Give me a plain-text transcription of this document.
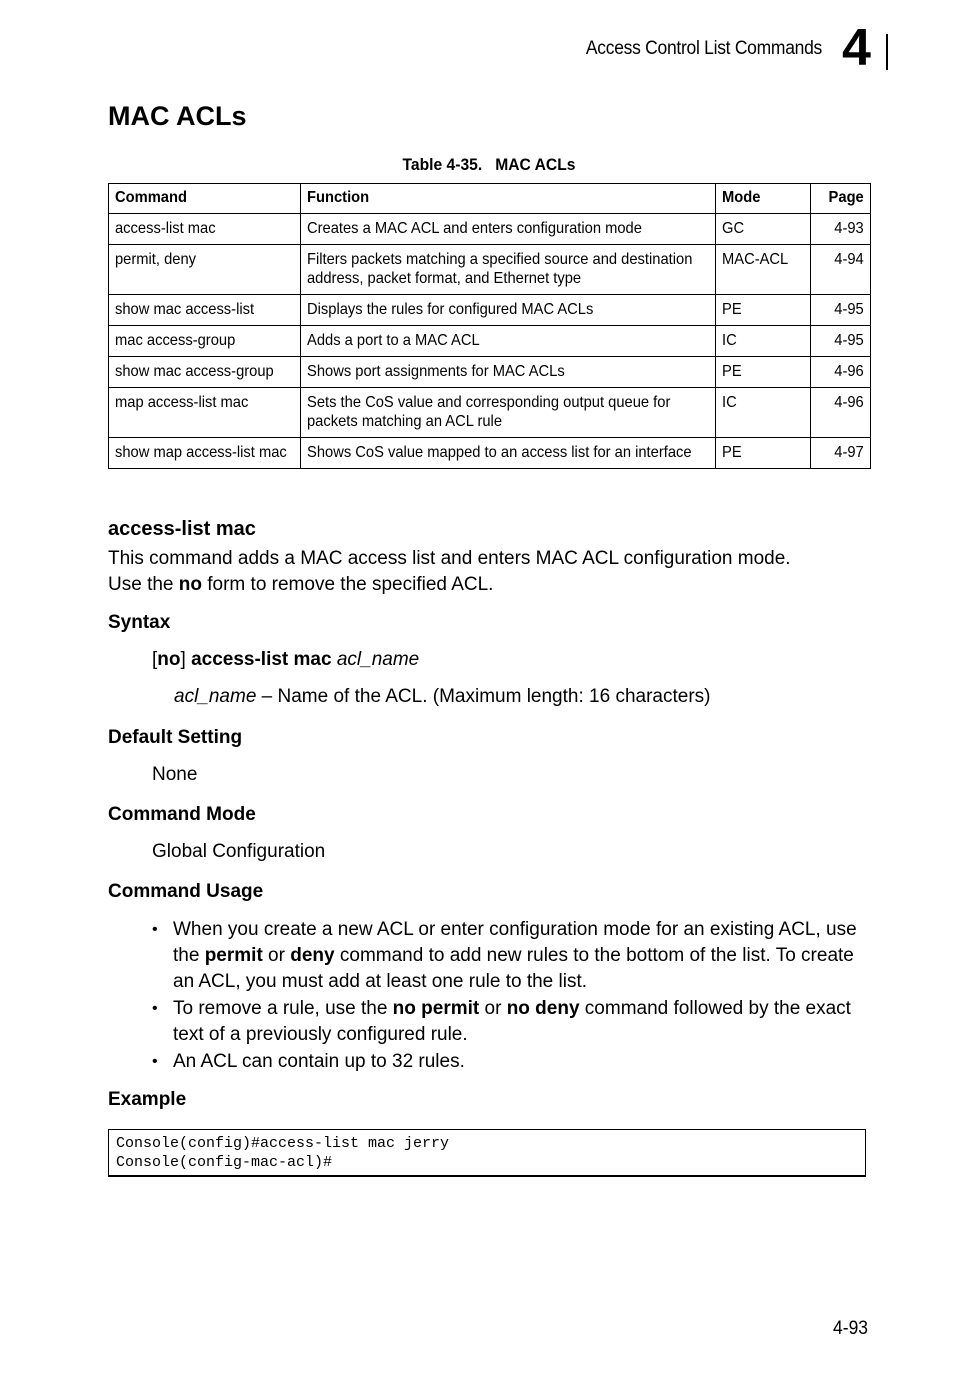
Access Control List Commands 4
MAC ACLs
Table 4-35.   MAC ACLs
Command	Function	Mode	Page

access-list mac	Creates a MAC ACL and enters configuration mode	GC	4-93

permit, deny	Filters packets matching a specified source and destination address, packet format, and Ethernet type	MAC-ACL	4-94

show mac access-list	Displays the rules for configured MAC ACLs	PE	4-95

mac access-group	Adds a port to a MAC ACL	IC	4-95

show mac access-group	Shows port assignments for MAC ACLs	PE	4-96

map access-list mac	Sets the CoS value and corresponding output queue for packets matching an ACL rule	IC	4-96

show map access-list mac	Shows CoS value mapped to an access list for an interface	PE	4-97
access-list mac
This command adds a MAC access list and enters MAC ACL configuration mode.
Use the no form to remove the specified ACL.
Syntax
[no] access-list mac acl_name
acl_name – Name of the ACL. (Maximum length: 16 characters)
Default Setting
None
Command Mode
Global Configuration
Command Usage
• When you create a new ACL or enter configuration mode for an existing ACL, use the permit or deny command to add new rules to the bottom of the list. To create an ACL, you must add at least one rule to the list.
• To remove a rule, use the no permit or no deny command followed by the exact text of a previously configured rule.
• An ACL can contain up to 32 rules.
Example
Console(config)#access-list mac jerry
Console(config-mac-acl)#
4-93
